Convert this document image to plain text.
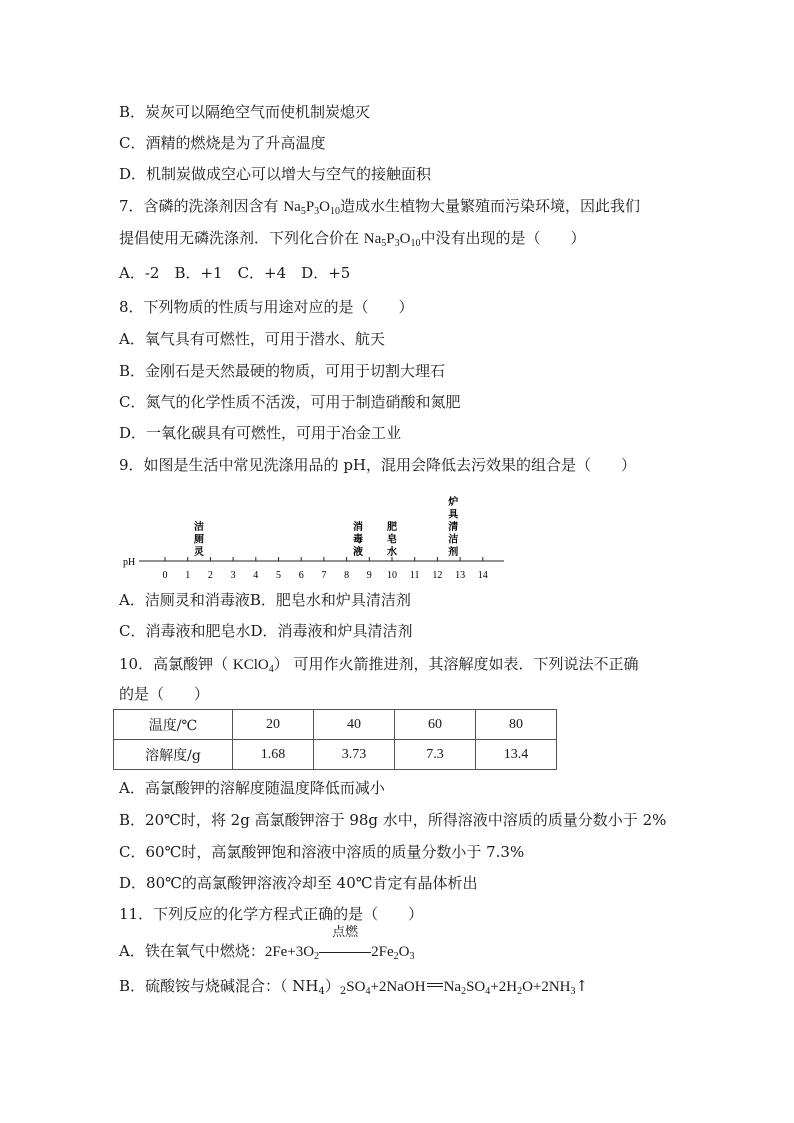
B．炭灰可以隔绝空气而使机制炭熄灭
C．酒精的燃烧是为了升高温度
D．机制炭做成空心可以增大与空气的接触面积
7．含磷的洗涤剂因含有 $Na_5P_3O_{10}$造成水生植物大量繁殖而污染环境，因此我们
提倡使用无磷洗涤剂．下列化合价在 $Na_5P_3O_{10}$中没有出现的是（　　）
A．-2　B．+1　C．+4　D．+5
8．下列物质的性质与用途对应的是（　　）
A．氧气具有可燃性，可用于潜水、航天
B．金刚石是天然最硬的物质，可用于切割大理石
C．氮气的化学性质不活泼，可用于制造硝酸和氮肥
D．一氧化碳具有可燃性，可用于冶金工业
9．如图是生活中常见洗涤用品的 pH，混用会降低去污效果的组合是（　　）
pH
0 1 2 3 4 5 6 7 8 9 10 11 12 13 14
洁
厕
灵
消
毒
液
肥
皂
水
炉
具
清
洁
剂
A．洁厕灵和消毒液B．肥皂水和炉具清洁剂
C．消毒液和肥皂水D．消毒液和炉具清洁剂
10．高氯酸钾（ KClO$_4$） 可用作火箭推进剂，其溶解度如表．下列说法不正确
的是（　　）
温度/℃	20	40	60	80
溶解度/g	1.68	3.73	7.3	13.4
A．高氯酸钾的溶解度随温度降低而减小
B．20℃时，将 2g 高氯酸钾溶于 98g 水中，所得溶液中溶质的质量分数小于 2%
C．60℃时，高氯酸钾饱和溶液中溶质的质量分数小于 7.3%
D．80℃的高氯酸钾溶液冷却至 40℃肯定有晶体析出
11．下列反应的化学方程式正确的是（　　）
A．铁在氧气中燃烧：$2Fe+3O_2$
点燃
$2Fe_2O_3$
B．硫酸铵与烧碱混合：（ $NH_4)_2SO_4+2NaOH$ $Na_2SO_4+2H_2O+2NH_3↑$
